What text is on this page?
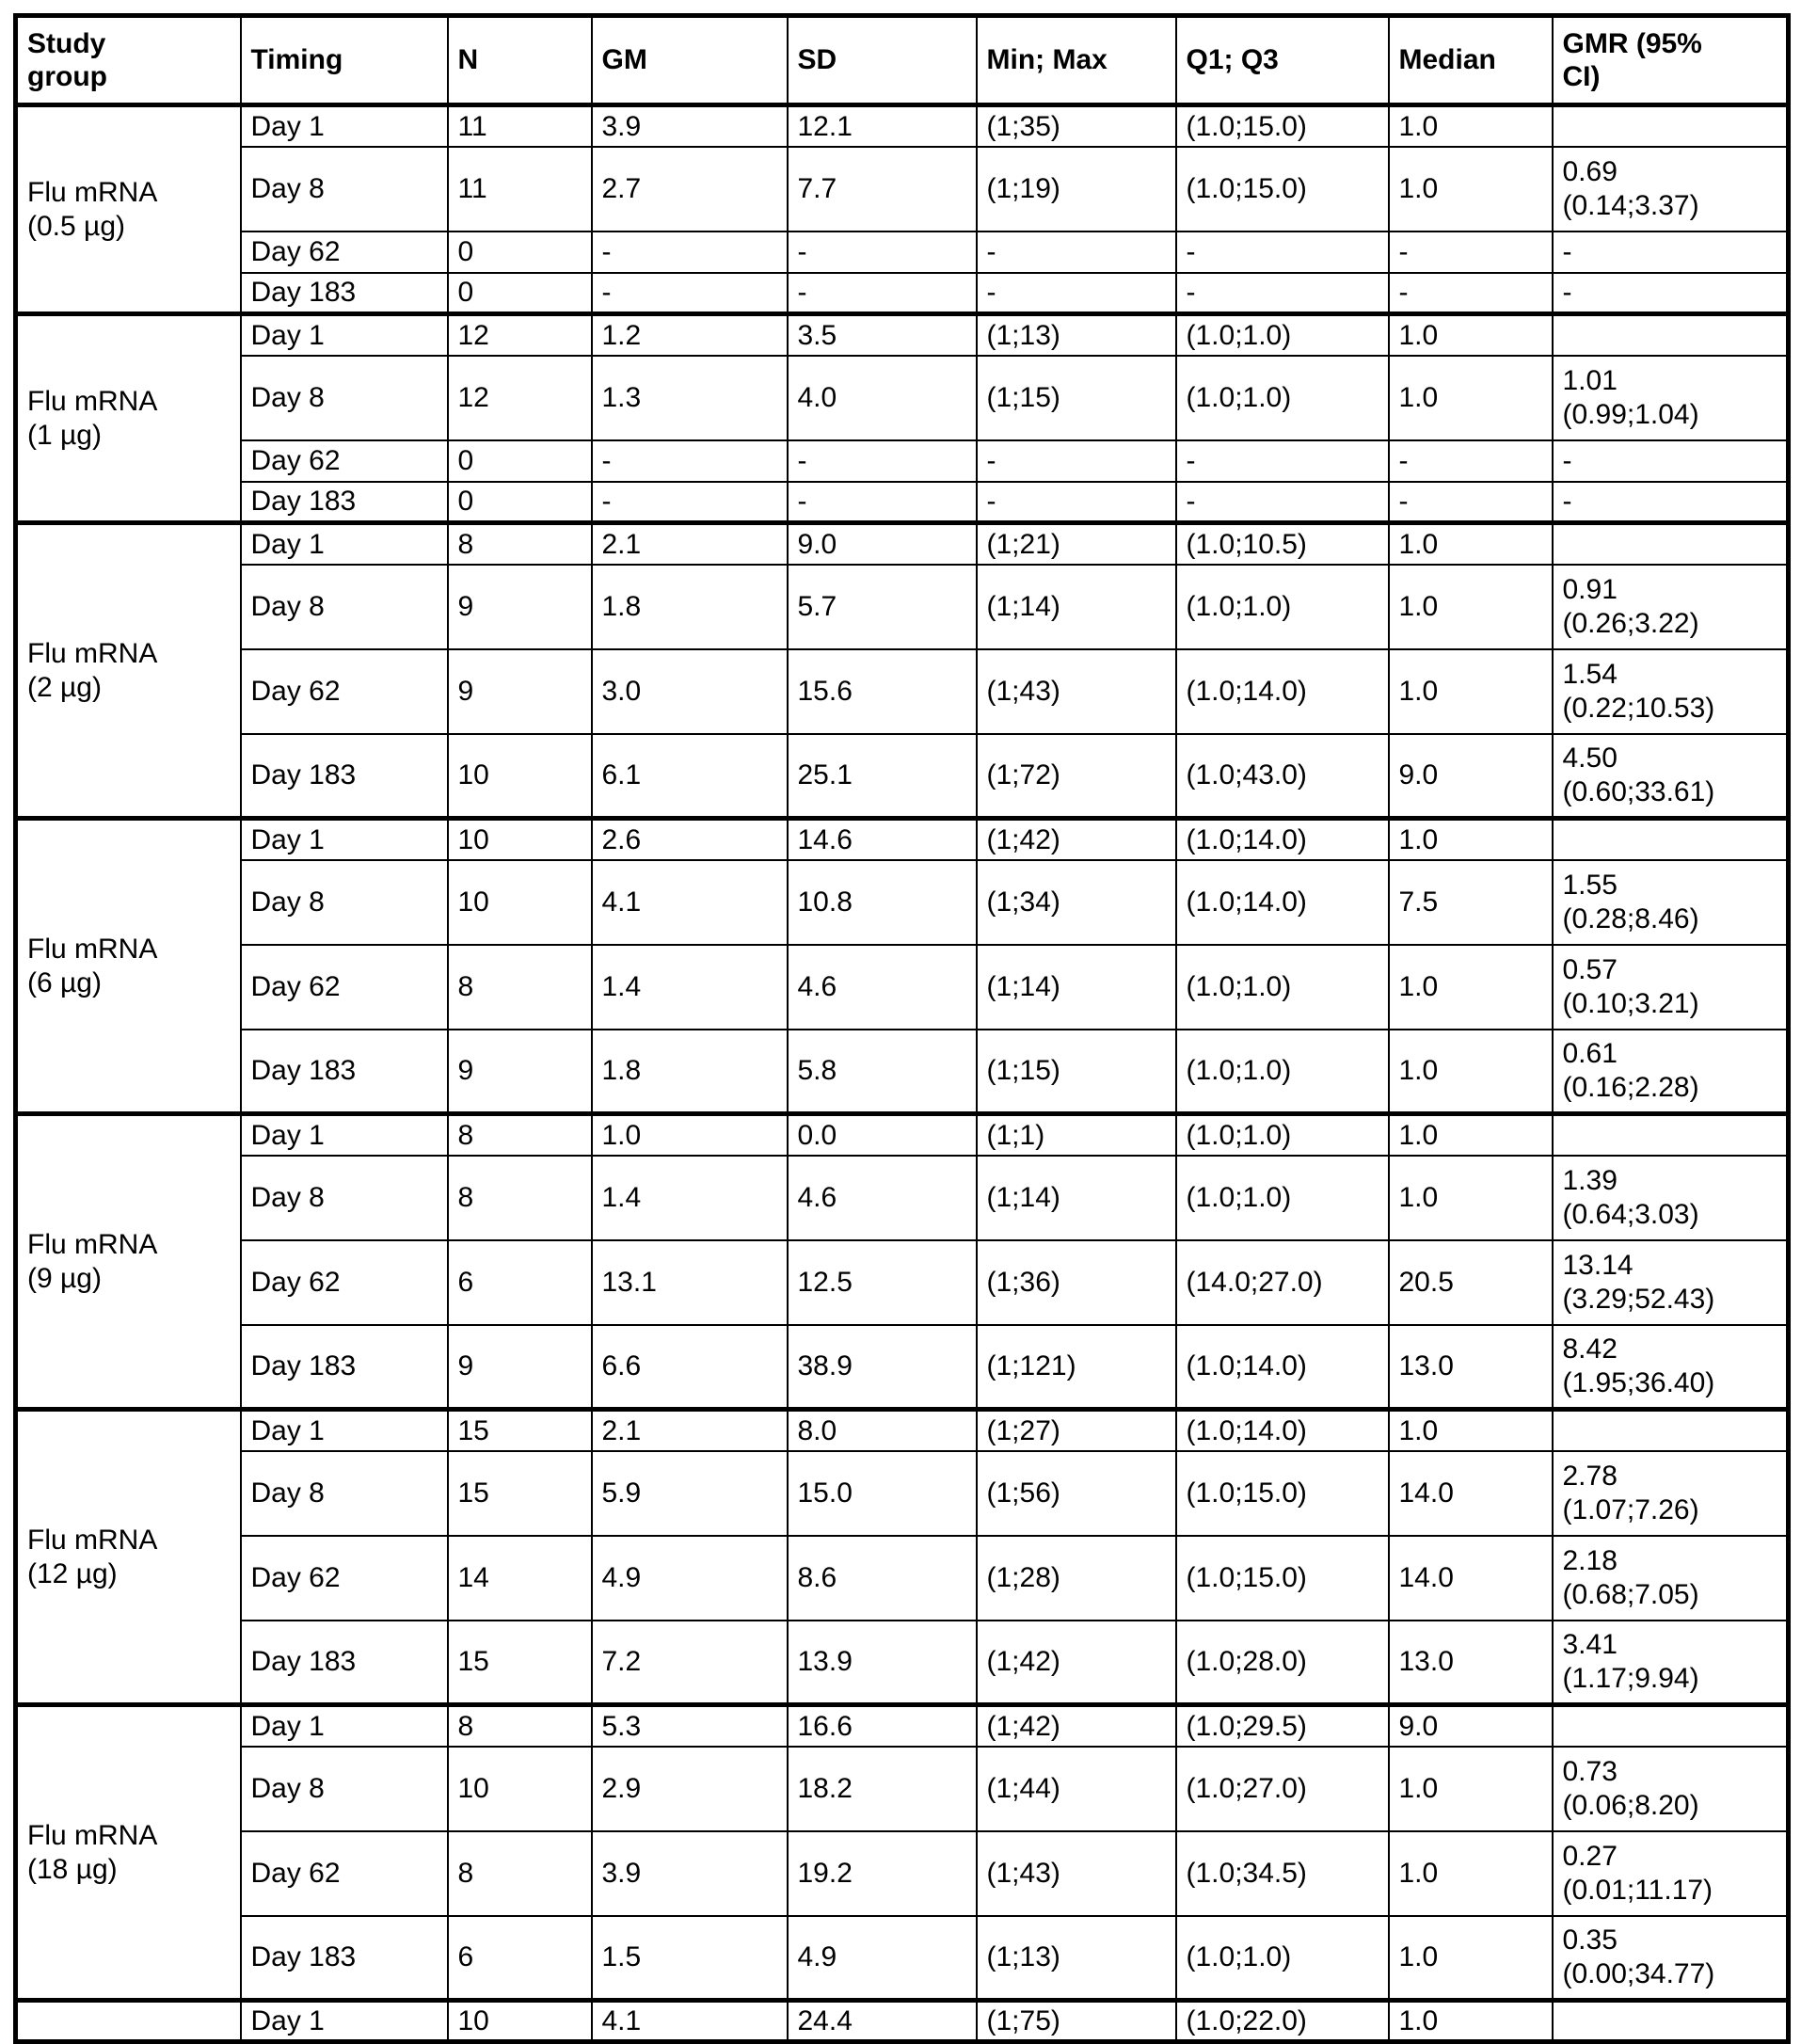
Study
group	Timing	N	GM	SD	Min; Max	Q1; Q3	Median	GMR (95%
CI)
Flu mRNA
(0.5 µg)	Day 1	11	3.9	12.1	(1;35)	(1.0;15.0)	1.0	
	Day 8	11	2.7	7.7	(1;19)	(1.0;15.0)	1.0	0.69
(0.14;3.37)
	Day 62	0	-	-	-	-	-	-
	Day 183	0	-	-	-	-	-	-
Flu mRNA
(1 µg)	Day 1	12	1.2	3.5	(1;13)	(1.0;1.0)	1.0	
	Day 8	12	1.3	4.0	(1;15)	(1.0;1.0)	1.0	1.01
(0.99;1.04)
	Day 62	0	-	-	-	-	-	-
	Day 183	0	-	-	-	-	-	-
Flu mRNA
(2 µg)	Day 1	8	2.1	9.0	(1;21)	(1.0;10.5)	1.0	
	Day 8	9	1.8	5.7	(1;14)	(1.0;1.0)	1.0	0.91
(0.26;3.22)
	Day 62	9	3.0	15.6	(1;43)	(1.0;14.0)	1.0	1.54
(0.22;10.53)
	Day 183	10	6.1	25.1	(1;72)	(1.0;43.0)	9.0	4.50
(0.60;33.61)
Flu mRNA
(6 µg)	Day 1	10	2.6	14.6	(1;42)	(1.0;14.0)	1.0	
	Day 8	10	4.1	10.8	(1;34)	(1.0;14.0)	7.5	1.55
(0.28;8.46)
	Day 62	8	1.4	4.6	(1;14)	(1.0;1.0)	1.0	0.57
(0.10;3.21)
	Day 183	9	1.8	5.8	(1;15)	(1.0;1.0)	1.0	0.61
(0.16;2.28)
Flu mRNA
(9 µg)	Day 1	8	1.0	0.0	(1;1)	(1.0;1.0)	1.0	
	Day 8	8	1.4	4.6	(1;14)	(1.0;1.0)	1.0	1.39
(0.64;3.03)
	Day 62	6	13.1	12.5	(1;36)	(14.0;27.0)	20.5	13.14
(3.29;52.43)
	Day 183	9	6.6	38.9	(1;121)	(1.0;14.0)	13.0	8.42
(1.95;36.40)
Flu mRNA
(12 µg)	Day 1	15	2.1	8.0	(1;27)	(1.0;14.0)	1.0	
	Day 8	15	5.9	15.0	(1;56)	(1.0;15.0)	14.0	2.78
(1.07;7.26)
	Day 62	14	4.9	8.6	(1;28)	(1.0;15.0)	14.0	2.18
(0.68;7.05)
	Day 183	15	7.2	13.9	(1;42)	(1.0;28.0)	13.0	3.41
(1.17;9.94)
Flu mRNA
(18 µg)	Day 1	8	5.3	16.6	(1;42)	(1.0;29.5)	9.0	
	Day 8	10	2.9	18.2	(1;44)	(1.0;27.0)	1.0	0.73
(0.06;8.20)
	Day 62	8	3.9	19.2	(1;43)	(1.0;34.5)	1.0	0.27
(0.01;11.17)
	Day 183	6	1.5	4.9	(1;13)	(1.0;1.0)	1.0	0.35
(0.00;34.77)
	Day 1	10	4.1	24.4	(1;75)	(1.0;22.0)	1.0	
